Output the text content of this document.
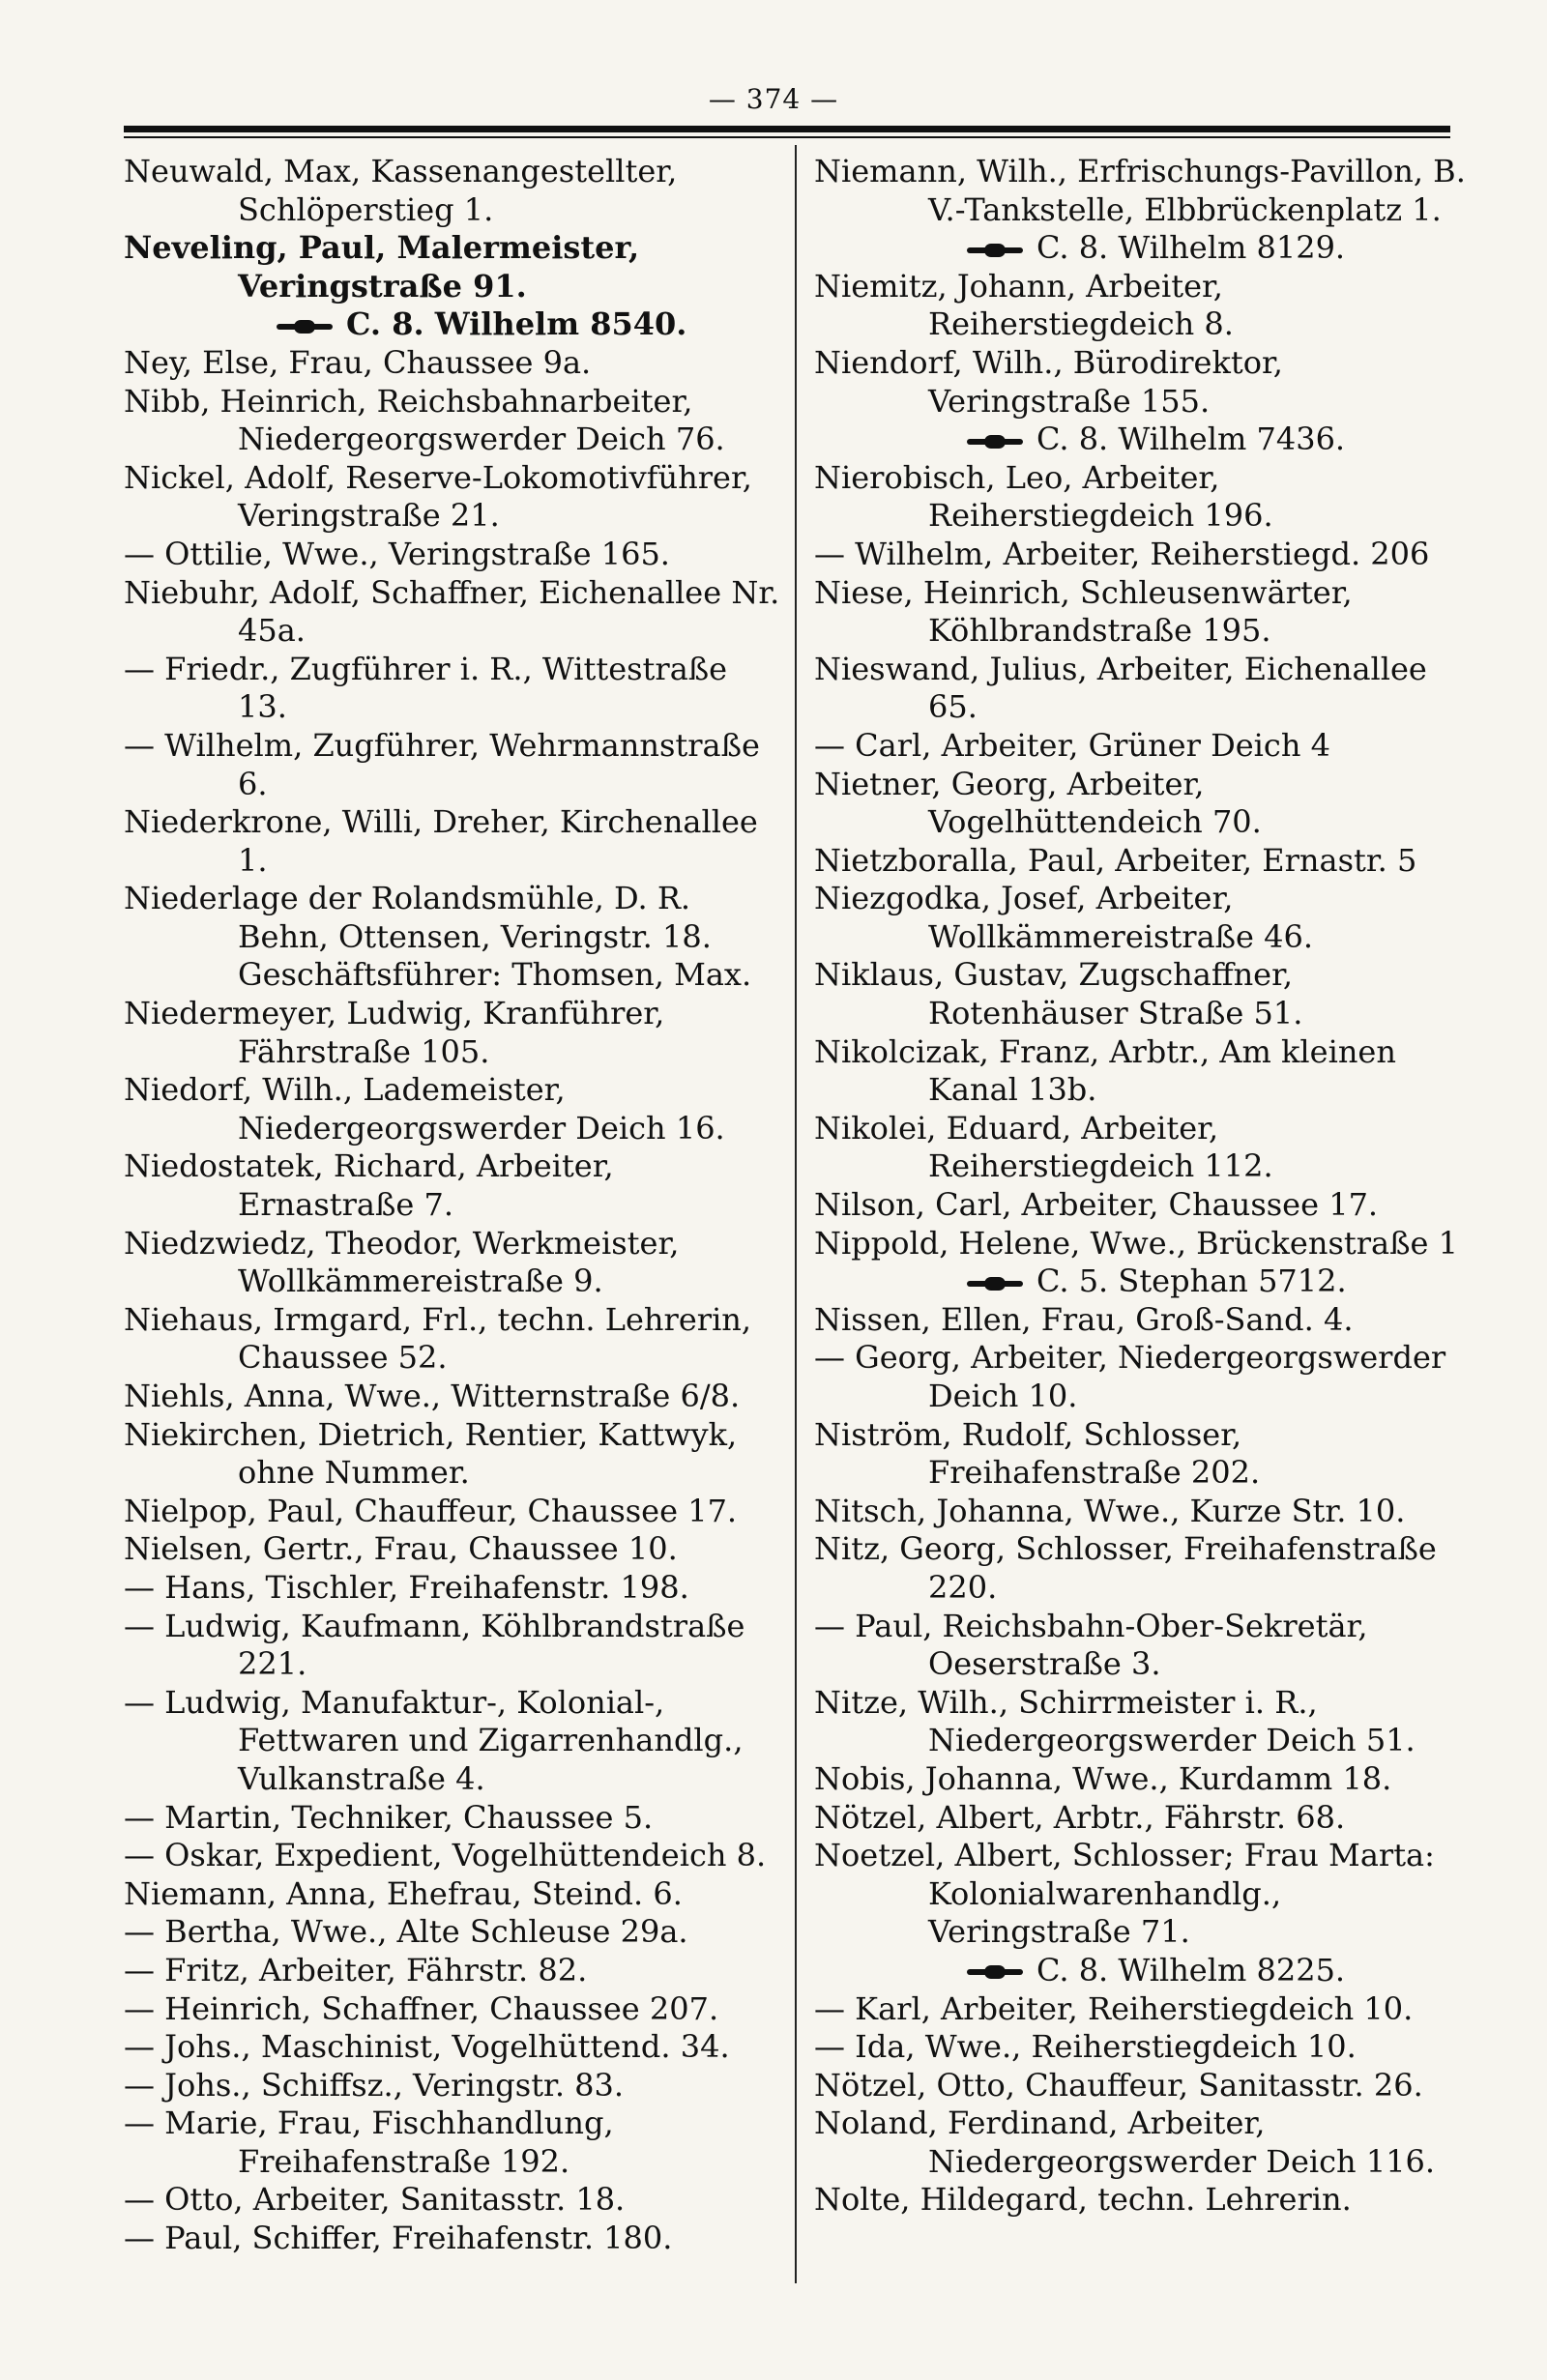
— 374 —

Neuwald, Max, Kassenangestellter, Schlöperstieg 1.

Neveling, Paul, Malermeister, Veringstraße 91.
C. 8. Wilhelm 8540.

Ney, Else, Frau, Chaussee 9a.

Nibb, Heinrich, Reichsbahnarbeiter, Niedergeorgswerder Deich 76.

Nickel, Adolf, Reserve-Lokomotivführer, Veringstraße 21.

— Ottilie, Wwe., Veringstraße 165.

Niebuhr, Adolf, Schaffner, Eichenallee Nr. 45a.

— Friedr., Zugführer i. R., Wittestraße 13.

— Wilhelm, Zugführer, Wehrmannstraße 6.

Niederkrone, Willi, Dreher, Kirchenallee 1.

Niederlage der Rolandsmühle, D. R. Behn, Ottensen, Veringstr. 18. Geschäftsführer: Thomsen, Max.

Niedermeyer, Ludwig, Kranführer, Fährstraße 105.

Niedorf, Wilh., Lademeister, Niedergeorgswerder Deich 16.

Niedostatek, Richard, Arbeiter, Ernastraße 7.

Niedzwiedz, Theodor, Werkmeister, Wollkämmereistraße 9.

Niehaus, Irmgard, Frl., techn. Lehrerin, Chaussee 52.

Niehls, Anna, Wwe., Witternstraße 6/8.

Niekirchen, Dietrich, Rentier, Kattwyk, ohne Nummer.

Nielpop, Paul, Chauffeur, Chaussee 17.

Nielsen, Gertr., Frau, Chaussee 10.

— Hans, Tischler, Freihafenstr. 198.

— Ludwig, Kaufmann, Köhlbrandstraße 221.

— Ludwig, Manufaktur-, Kolonial-, Fettwaren und Zigarrenhandlg., Vulkanstraße 4.

— Martin, Techniker, Chaussee 5.

— Oskar, Expedient, Vogelhüttendeich 8.

Niemann, Anna, Ehefrau, Steind. 6.

— Bertha, Wwe., Alte Schleuse 29a.

— Fritz, Arbeiter, Fährstr. 82.

— Heinrich, Schaffner, Chaussee 207.

— Johs., Maschinist, Vogelhüttend. 34.

— Johs., Schiffsz., Veringstr. 83.

— Marie, Frau, Fischhandlung, Freihafenstraße 192.

— Otto, Arbeiter, Sanitasstr. 18.

— Paul, Schiffer, Freihafenstr. 180.

Niemann, Wilh., Erfrischungs-Pavillon, B. V.-Tankstelle, Elbbrückenplatz 1.
C. 8. Wilhelm 8129.

Niemitz, Johann, Arbeiter, Reiherstiegdeich 8.

Niendorf, Wilh., Bürodirektor, Veringstraße 155.
C. 8. Wilhelm 7436.

Nierobisch, Leo, Arbeiter, Reiherstiegdeich 196.

— Wilhelm, Arbeiter, Reiherstiegd. 206

Niese, Heinrich, Schleusenwärter, Köhlbrandstraße 195.

Nieswand, Julius, Arbeiter, Eichenallee 65.

— Carl, Arbeiter, Grüner Deich 4

Nietner, Georg, Arbeiter, Vogelhüttendeich 70.

Nietzboralla, Paul, Arbeiter, Ernastr. 5

Niezgodka, Josef, Arbeiter, Wollkämmereistraße 46.

Niklaus, Gustav, Zugschaffner, Rotenhäuser Straße 51.

Nikolcizak, Franz, Arbtr., Am kleinen Kanal 13b.

Nikolei, Eduard, Arbeiter, Reiherstiegdeich 112.

Nilson, Carl, Arbeiter, Chaussee 17.

Nippold, Helene, Wwe., Brückenstraße 1
C. 5. Stephan 5712.

Nissen, Ellen, Frau, Groß-Sand. 4.

— Georg, Arbeiter, Niedergeorgswerder Deich 10.

Niström, Rudolf, Schlosser, Freihafenstraße 202.

Nitsch, Johanna, Wwe., Kurze Str. 10.

Nitz, Georg, Schlosser, Freihafenstraße 220.

— Paul, Reichsbahn-Ober-Sekretär, Oeserstraße 3.

Nitze, Wilh., Schirrmeister i. R., Niedergeorgswerder Deich 51.

Nobis, Johanna, Wwe., Kurdamm 18.

Nötzel, Albert, Arbtr., Fährstr. 68.

Noetzel, Albert, Schlosser; Frau Marta: Kolonialwarenhandlg., Veringstraße 71.
C. 8. Wilhelm 8225.

— Karl, Arbeiter, Reiherstiegdeich 10.

— Ida, Wwe., Reiherstiegdeich 10.

Nötzel, Otto, Chauffeur, Sanitasstr. 26.

Noland, Ferdinand, Arbeiter, Niedergeorgswerder Deich 116.

Nolte, Hildegard, techn. Lehrerin.
